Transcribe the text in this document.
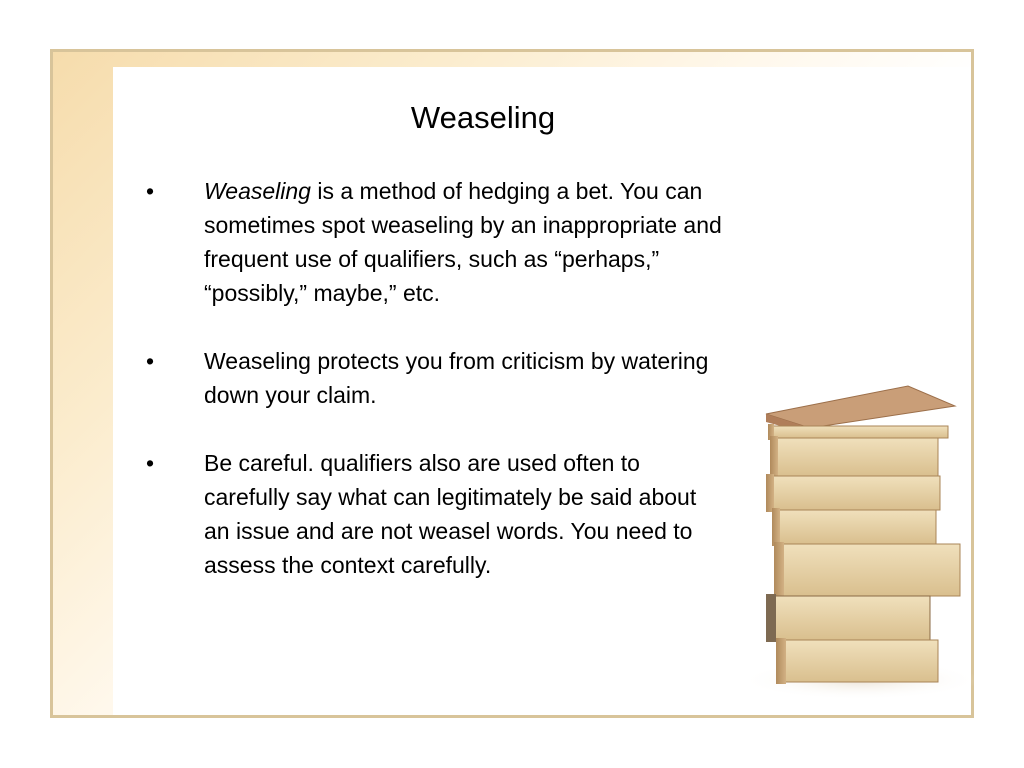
Weaseling
• Weaseling is a method of hedging a bet. You can sometimes spot weaseling by an inappropriate and frequent use of qualifiers, such as “perhaps,” “possibly,” maybe,” etc.
• Weaseling protects you from criticism by watering down your claim.
• Be careful. qualifiers also are used often to carefully say what can legitimately be said about an issue and are not weasel words. You need to assess the context carefully.
